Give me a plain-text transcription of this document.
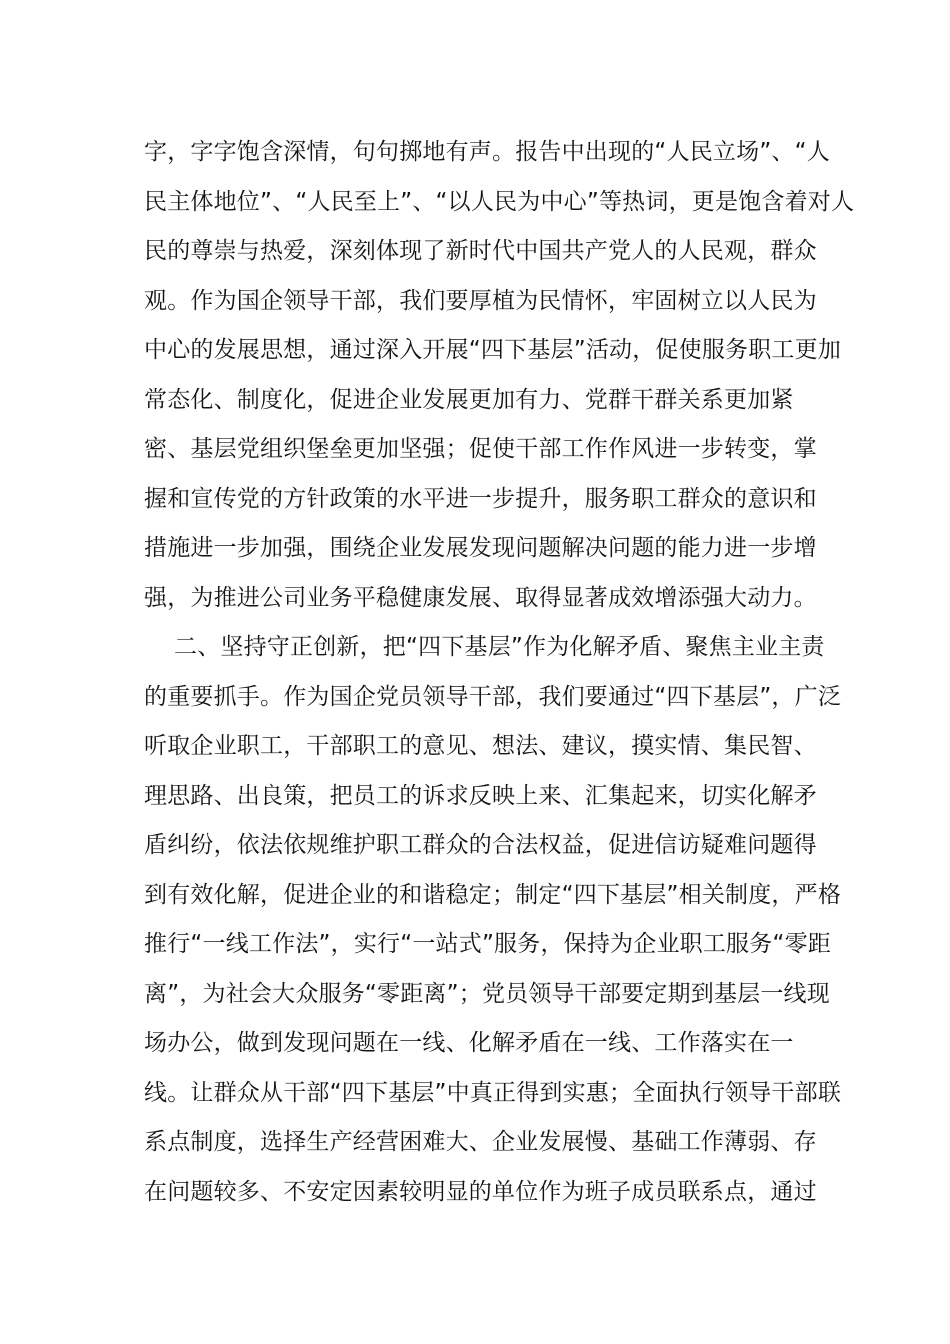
字，字字饱含深情，句句掷地有声。报告中出现的“人民立场”、“人
民主体地位”、“人民至上”、“以人民为中心”等热词，更是饱含着对人
民的尊崇与热爱，深刻体现了新时代中国共产党人的人民观，群众
观。作为国企领导干部，我们要厚植为民情怀，牢固树立以人民为
中心的发展思想，通过深入开展“四下基层”活动，促使服务职工更加
常态化、制度化，促进企业发展更加有力、党群干群关系更加紧
密、基层党组织堡垒更加坚强；促使干部工作作风进一步转变，掌
握和宣传党的方针政策的水平进一步提升，服务职工群众的意识和
措施进一步加强，围绕企业发展发现问题解决问题的能力进一步增
强，为推进公司业务平稳健康发展、取得显著成效增添强大动力。
二、坚持守正创新，把“四下基层”作为化解矛盾、聚焦主业主责
的重要抓手。作为国企党员领导干部，我们要通过“四下基层”，广泛
听取企业职工，干部职工的意见、想法、建议，摸实情、集民智、
理思路、出良策，把员工的诉求反映上来、汇集起来，切实化解矛
盾纠纷，依法依规维护职工群众的合法权益，促进信访疑难问题得
到有效化解，促进企业的和谐稳定；制定“四下基层”相关制度，严格
推行“一线工作法”，实行“一站式”服务，保持为企业职工服务“零距
离”，为社会大众服务“零距离”；党员领导干部要定期到基层一线现
场办公，做到发现问题在一线、化解矛盾在一线、工作落实在一
线。让群众从干部“四下基层”中真正得到实惠；全面执行领导干部联
系点制度，选择生产经营困难大、企业发展慢、基础工作薄弱、存
在问题较多、不安定因素较明显的单位作为班子成员联系点，通过
